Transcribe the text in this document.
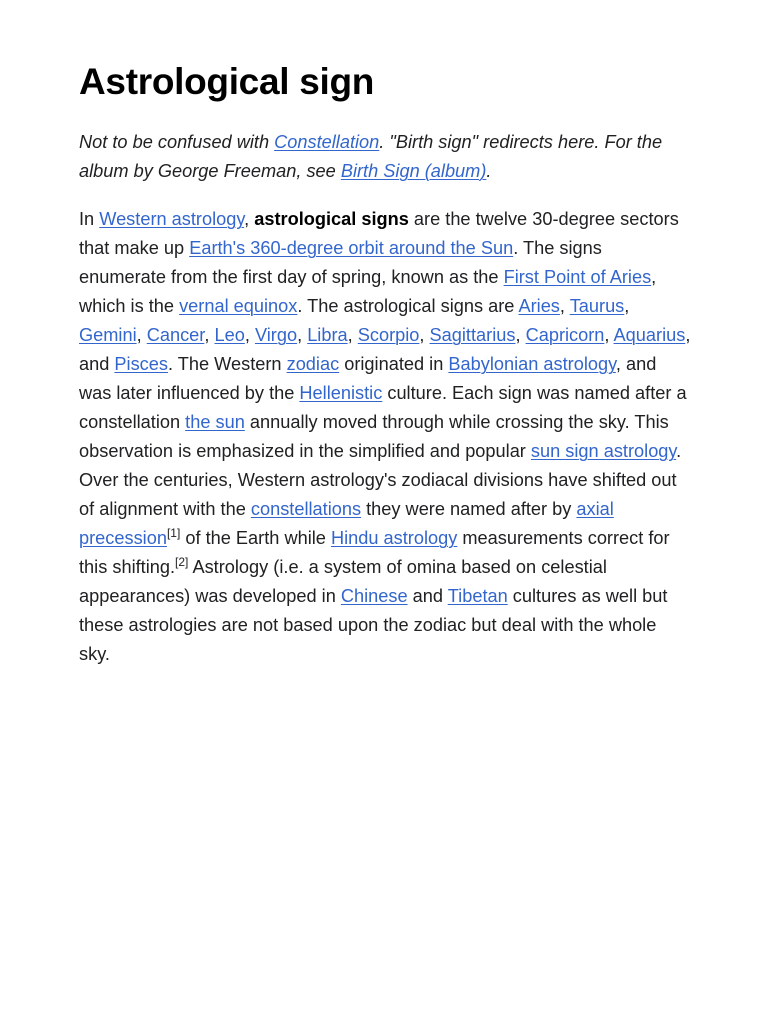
Astrological sign

Not to be confused with Constellation. "Birth sign" redirects here. For the album by George Freeman, see Birth Sign (album).

In Western astrology, astrological signs are the twelve 30-degree sectors that make up Earth's 360-degree orbit around the Sun. The signs enumerate from the first day of spring, known as the First Point of Aries, which is the vernal equinox. The astrological signs are Aries, Taurus, Gemini, Cancer, Leo, Virgo, Libra, Scorpio, Sagittarius, Capricorn, Aquarius, and Pisces. The Western zodiac originated in Babylonian astrology, and was later influenced by the Hellenistic culture. Each sign was named after a constellation the sun annually moved through while crossing the sky. This observation is emphasized in the simplified and popular sun sign astrology. Over the centuries, Western astrology's zodiacal divisions have shifted out of alignment with the constellations they were named after by axial precession[1] of the Earth while Hindu astrology measurements correct for this shifting.[2] Astrology (i.e. a system of omina based on celestial appearances) was developed in Chinese and Tibetan cultures as well but these astrologies are not based upon the zodiac but deal with the whole sky.
